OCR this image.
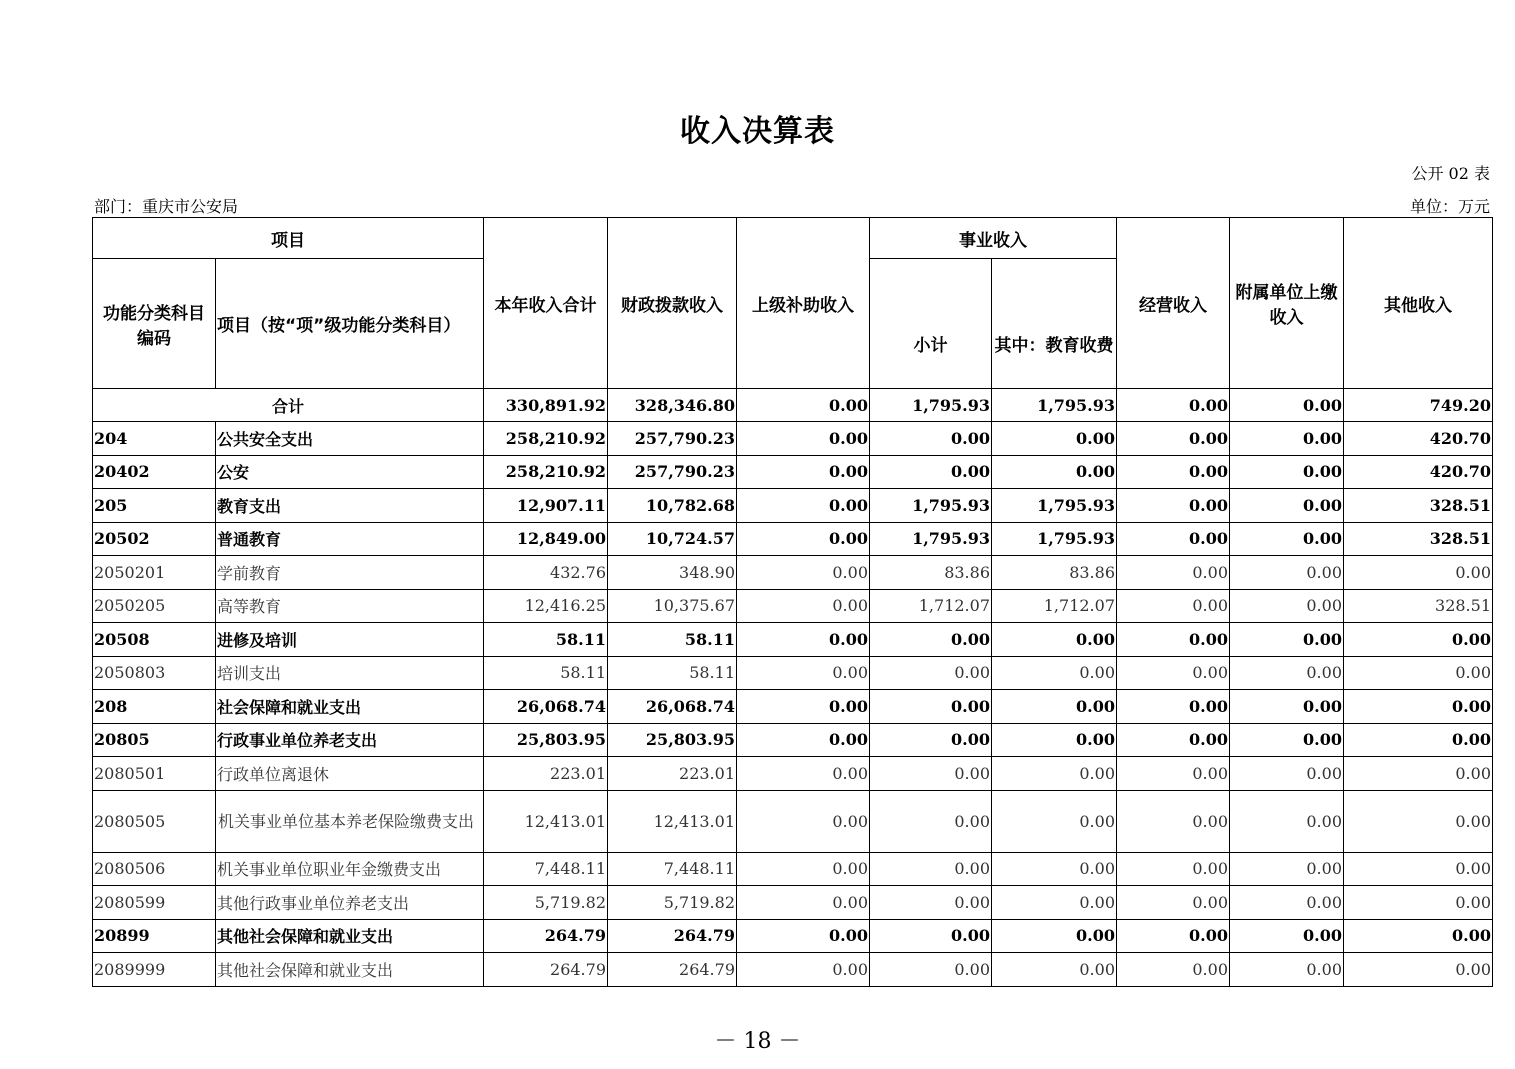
收入决算表
公开 02 表
部门：重庆市公安局	单位：万元
项目		本年收入合计	财政拨款收入	上级补助收入	事业收入		经营收入	附属单位上缴收入	其他收入
功能分类科目编码	项目（按“项”级功能分类科目）				小计	其中：教育收费			
合计		330,891.92	328,346.80	0.00	1,795.93	1,795.93	0.00	0.00	749.20
204	公共安全支出	258,210.92	257,790.23	0.00	0.00	0.00	0.00	0.00	420.70
20402	公安	258,210.92	257,790.23	0.00	0.00	0.00	0.00	0.00	420.70
205	教育支出	12,907.11	10,782.68	0.00	1,795.93	1,795.93	0.00	0.00	328.51
20502	普通教育	12,849.00	10,724.57	0.00	1,795.93	1,795.93	0.00	0.00	328.51
2050201	学前教育	432.76	348.90	0.00	83.86	83.86	0.00	0.00	0.00
2050205	高等教育	12,416.25	10,375.67	0.00	1,712.07	1,712.07	0.00	0.00	328.51
20508	进修及培训	58.11	58.11	0.00	0.00	0.00	0.00	0.00	0.00
2050803	培训支出	58.11	58.11	0.00	0.00	0.00	0.00	0.00	0.00
208	社会保障和就业支出	26,068.74	26,068.74	0.00	0.00	0.00	0.00	0.00	0.00
20805	行政事业单位养老支出	25,803.95	25,803.95	0.00	0.00	0.00	0.00	0.00	0.00
2080501	行政单位离退休	223.01	223.01	0.00	0.00	0.00	0.00	0.00	0.00
2080505	机关事业单位基本养老保险缴费支出	12,413.01	12,413.01	0.00	0.00	0.00	0.00	0.00	0.00
2080506	机关事业单位职业年金缴费支出	7,448.11	7,448.11	0.00	0.00	0.00	0.00	0.00	0.00
2080599	其他行政事业单位养老支出	5,719.82	5,719.82	0.00	0.00	0.00	0.00	0.00	0.00
20899	其他社会保障和就业支出	264.79	264.79	0.00	0.00	0.00	0.00	0.00	0.00
2089999	其他社会保障和就业支出	264.79	264.79	0.00	0.00	0.00	0.00	0.00	0.00
－ 18 －
